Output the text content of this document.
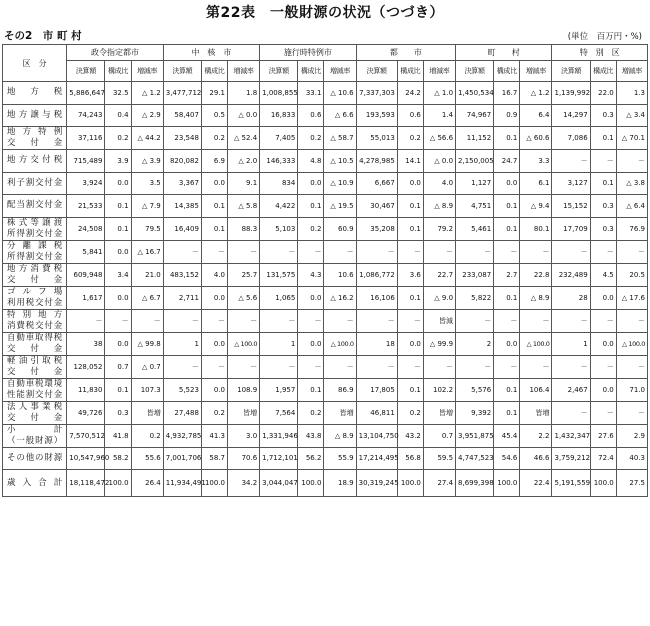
第22表　一般財源の状況（つづき）
その2　市 町 村	(単位　百万円・%)
区　分	政令指定都市			中　核　市			施行時特例市			都　　市			町　　村			特　別　区		
	決算額	構成比	増減率	決算額	構成比	増減率	決算額	構成比	増減率	決算額	構成比	増減率	決算額	構成比	増減率	決算額	構成比	増減率

地 方 税	5,886,647	32.5	△ 1.2	3,477,712	29.1	1.8	1,008,855	33.1	△ 10.6	7,337,303	24.2	△ 1.0	1,450,534	16.7	△ 1.2	1,139,992	22.0	1.3

地方譲与税	74,243	0.4	△ 2.9	58,407	0.5	△ 0.0	16,833	0.6	△ 6.6	193,593	0.6	1.4	74,967	0.9	6.4	14,297	0.3	△ 3.4

地方特例
交 付 金	37,116	0.2	△ 44.2	23,548	0.2	△ 52.4	7,405	0.2	△ 58.7	55,013	0.2	△ 56.6	11,152	0.1	△ 60.6	7,086	0.1	△ 70.1

地方交付税	715,489	3.9	△ 3.9	820,082	6.9	△ 2.0	146,333	4.8	△ 10.5	4,278,985	14.1	△ 0.0	2,150,005	24.7	3.3	－	－	－

利子割交付金	3,924	0.0	3.5	3,367	0.0	9.1	834	0.0	△ 10.9	6,667	0.0	4.0	1,127	0.0	6.1	3,127	0.1	△ 3.8

配当割交付金	21,533	0.1	△ 7.9	14,385	0.1	△ 5.8	4,422	0.1	△ 19.5	30,467	0.1	△ 8.9	4,751	0.1	△ 9.4	15,152	0.3	△ 6.4

株式等譲渡
所得割交付金	24,508	0.1	79.5	16,409	0.1	88.3	5,103	0.2	60.9	35,208	0.1	79.2	5,461	0.1	80.1	17,709	0.3	76.9

分 離 課 税
所得割交付金	5,841	0.0	△ 16.7	－	－	－	－	－	－	－	－	－	－	－	－	－	－	－

地方消費税
交 付 金	609,948	3.4	21.0	483,152	4.0	25.7	131,575	4.3	10.6	1,086,772	3.6	22.7	233,087	2.7	22.8	232,489	4.5	20.5

ゴ ル フ 場
利用税交付金	1,617	0.0	△ 6.7	2,711	0.0	△ 5.6	1,065	0.0	△ 16.2	16,106	0.1	△ 9.0	5,822	0.1	△ 8.9	28	0.0	△ 17.6

特 別 地 方
消費税交付金	－	－	－	－	－	－	－	－	－	－	－	皆減	－	－	－	－	－	－

自動車取得税
交　付　金	38	0.0	△ 99.8	1	0.0	△ 100.0	1	0.0	△ 100.0	18	0.0	△ 99.9	2	0.0	△ 100.0	1	0.0	△ 100.0

軽油引取税
交 付 金	128,052	0.7	△ 0.7	－	－	－	－	－	－	－	－	－	－	－	－	－	－	－

自動車税環境
性能割交付金	11,830	0.1	107.3	5,523	0.0	108.9	1,957	0.1	86.9	17,805	0.1	102.2	5,576	0.1	106.4	2,467	0.0	71.0

法人事業税
交 付 金	49,726	0.3	皆増	27,488	0.2	皆増	7,564	0.2	皆増	46,811	0.2	皆増	9,392	0.1	皆増	－	－	－

小　　　計
（一般財源）	7,570,512	41.8	0.2	4,932,785	41.3	3.0	1,331,946	43.8	△ 8.9	13,104,750	43.2	0.7	3,951,875	45.4	2.2	1,432,347	27.6	2.9

その他の財源	10,547,960	58.2	55.6	7,001,706	58.7	70.6	1,712,101	56.2	55.9	17,214,495	56.8	59.5	4,747,523	54.6	46.6	3,759,212	72.4	40.3

歳 入 合 計	18,118,472	100.0	26.4	11,934,491	100.0	34.2	3,044,047	100.0	18.9	30,319,245	100.0	27.4	8,699,398	100.0	22.4	5,191,559	100.0	27.5
